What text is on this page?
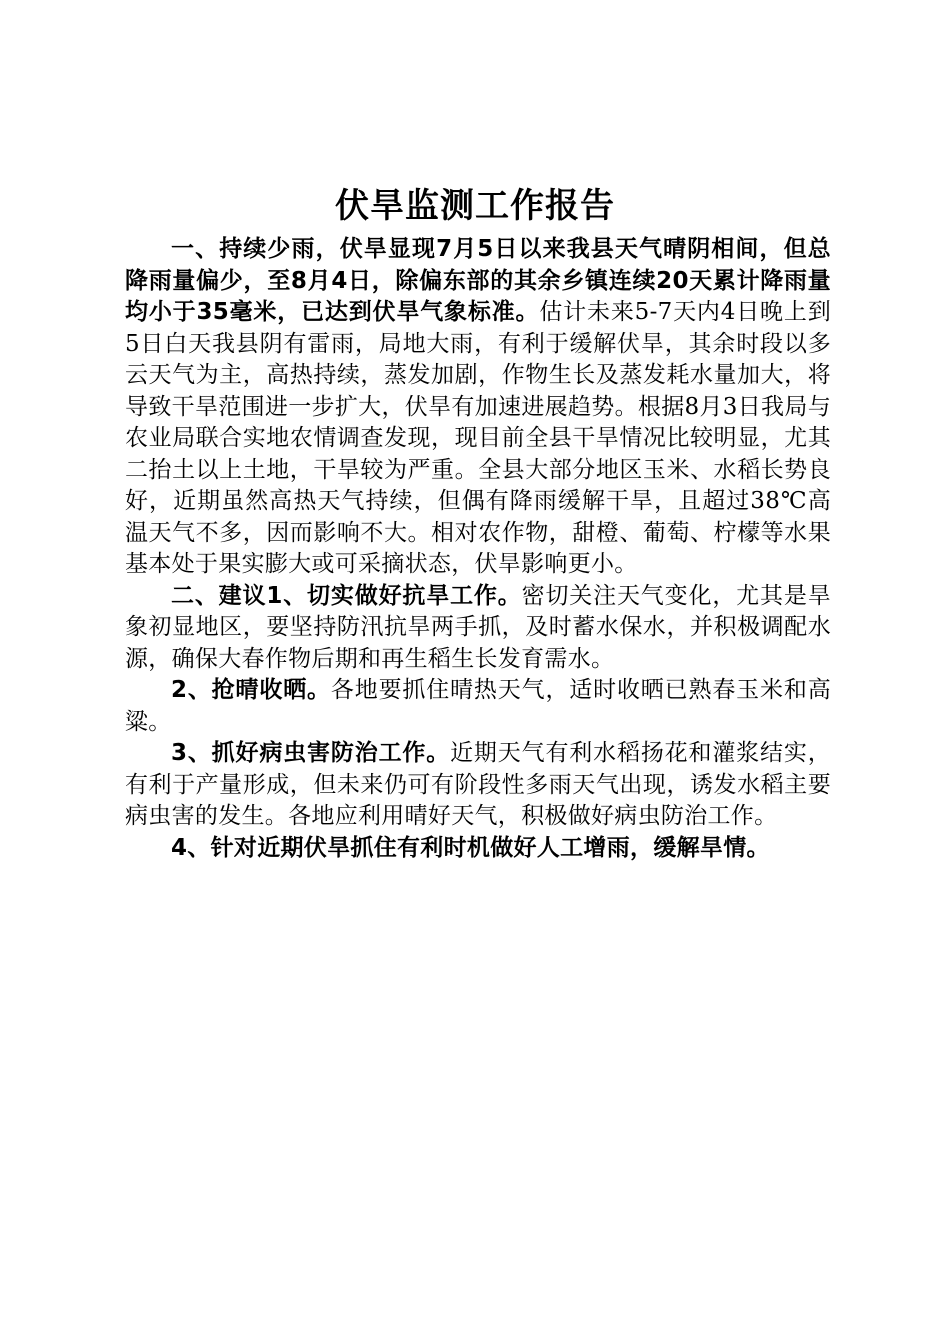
伏旱监测工作报告

一、持续少雨，伏旱显现7月5日以来我县天气晴阴相间，但总降雨量偏少，至8月4日，除偏东部的其余乡镇连续20天累计降雨量均小于35毫米，已达到伏旱气象标准。估计未来5-7天内4日晚上到5日白天我县阴有雷雨，局地大雨，有利于缓解伏旱，其余时段以多云天气为主，高热持续，蒸发加剧，作物生长及蒸发耗水量加大，将导致干旱范围进一步扩大，伏旱有加速进展趋势。根据8月3日我局与农业局联合实地农情调查发现，现目前全县干旱情况比较明显，尤其二抬土以上土地，干旱较为严重。全县大部分地区玉米、水稻长势良好，近期虽然高热天气持续，但偶有降雨缓解干旱，且超过38℃高温天气不多，因而影响不大。相对农作物，甜橙、葡萄、柠檬等水果基本处于果实膨大或可采摘状态，伏旱影响更小。

二、建议1、切实做好抗旱工作。密切关注天气变化，尤其是旱象初显地区，要坚持防汛抗旱两手抓，及时蓄水保水，并积极调配水源，确保大春作物后期和再生稻生长发育需水。

2、抢晴收晒。各地要抓住晴热天气，适时收晒已熟春玉米和高粱。

3、抓好病虫害防治工作。近期天气有利水稻扬花和灌浆结实，有利于产量形成，但未来仍可有阶段性多雨天气出现，诱发水稻主要病虫害的发生。各地应利用晴好天气，积极做好病虫防治工作。

4、针对近期伏旱抓住有利时机做好人工增雨，缓解旱情。
